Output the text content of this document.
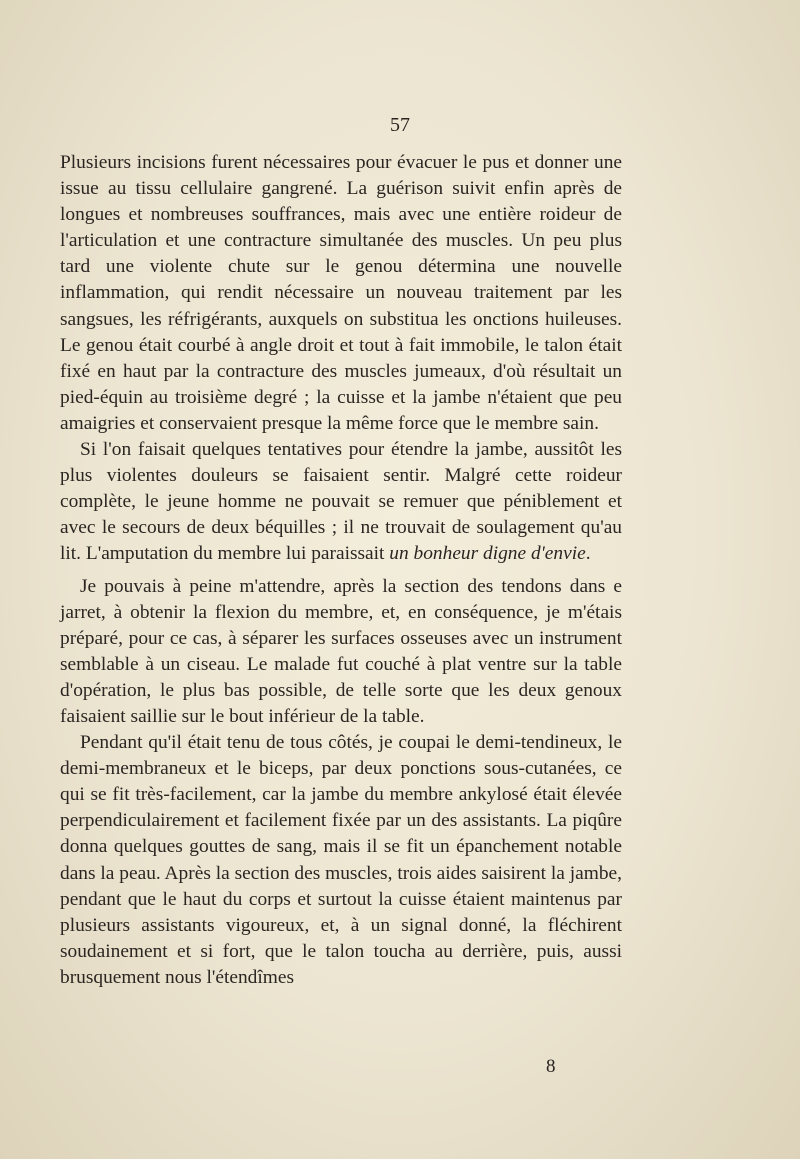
57

Plusieurs incisions furent nécessaires pour évacuer le pus et donner une issue au tissu cellulaire gangrené. La guérison suivit enfin après de longues et nombreuses souffrances, mais avec une entière roideur de l'articulation et une contracture simultanée des muscles. Un peu plus tard une violente chute sur le genou détermina une nouvelle inflammation, qui rendit nécessaire un nouveau traitement par les sangsues, les réfrigérants, auxquels on substitua les onctions huileuses. Le genou était courbé à angle droit et tout à fait immobile, le talon était fixé en haut par la contracture des muscles jumeaux, d'où résultait un pied-équin au troisième degré ; la cuisse et la jambe n'étaient que peu amaigries et conservaient presque la même force que le membre sain.

Si l'on faisait quelques tentatives pour étendre la jambe, aussitôt les plus violentes douleurs se faisaient sentir. Malgré cette roideur complète, le jeune homme ne pouvait se remuer que péniblement et avec le secours de deux béquilles ; il ne trouvait de soulagement qu'au lit. L'amputation du membre lui paraissait un bonheur digne d'envie.

Je pouvais à peine m'attendre, après la section des tendons dans e jarret, à obtenir la flexion du membre, et, en conséquence, je m'étais préparé, pour ce cas, à séparer les surfaces osseuses avec un instrument semblable à un ciseau. Le malade fut couché à plat ventre sur la table d'opération, le plus bas possible, de telle sorte que les deux genoux faisaient saillie sur le bout inférieur de la table.

Pendant qu'il était tenu de tous côtés, je coupai le demi-tendineux, le demi-membraneux et le biceps, par deux ponctions sous-cutanées, ce qui se fit très-facilement, car la jambe du membre ankylosé était élevée perpendiculairement et facilement fixée par un des assistants. La piqûre donna quelques gouttes de sang, mais il se fit un épanchement notable dans la peau. Après la section des muscles, trois aides saisirent la jambe, pendant que le haut du corps et surtout la cuisse étaient maintenus par plusieurs assistants vigoureux, et, à un signal donné, la fléchirent soudainement et si fort, que le talon toucha au derrière, puis, aussi brusquement nous l'étendîmes

8
